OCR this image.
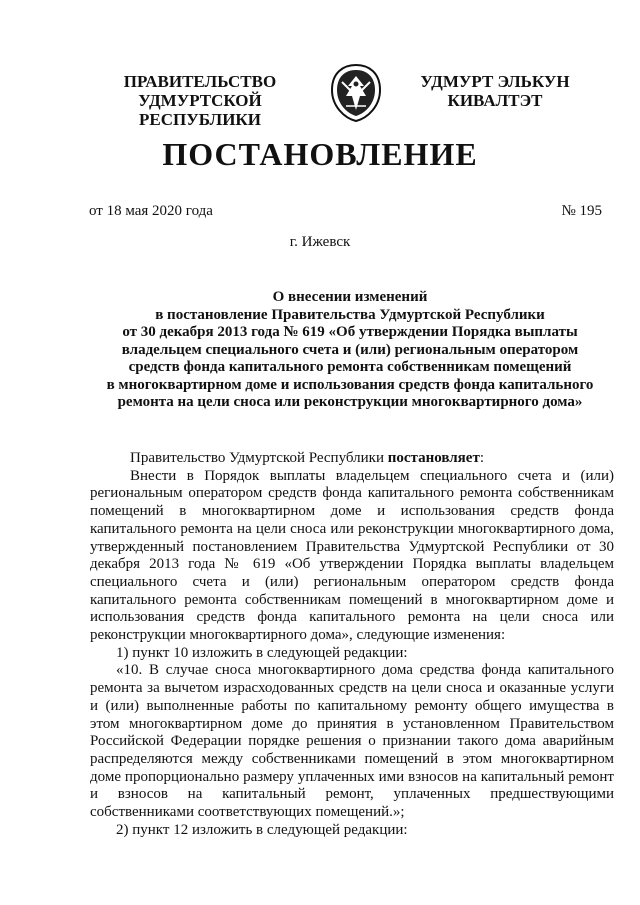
ПРАВИТЕЛЬСТВО
УДМУРТСКОЙ РЕСПУБЛИКИ
УДМУРТ ЭЛЬКУН
КИВАЛТЭТ
ПОСТАНОВЛЕНИЕ
от 18 мая 2020 года	№ 195
г. Ижевск
О внесении изменений
в постановление Правительства Удмуртской Республики
от 30 декабря 2013 года № 619 «Об утверждении Порядка выплаты
владельцем специального счета и (или) региональным оператором
средств фонда капитального ремонта собственникам помещений
в многоквартирном доме и использования средств фонда капитального
ремонта на цели сноса или реконструкции многоквартирного дома»

Правительство Удмуртской Республики постановляет:

Внести в Порядок выплаты владельцем специального счета и (или) региональным оператором средств фонда капитального ремонта собственникам помещений в многоквартирном доме и использования средств фонда капитального ремонта на цели сноса или реконструкции многоквартирного дома, утвержденный постановлением Правительства Удмуртской Республики от 30 декабря 2013 года № 619 «Об утверждении Порядка выплаты владельцем специального счета и (или) региональным оператором средств фонда капитального ремонта собственникам помещений в многоквартирном доме и использования средств фонда капитального ремонта на цели сноса или реконструкции многоквартирного дома», следующие изменения:

1) пункт 10 изложить в следующей редакции:

«10. В случае сноса многоквартирного дома средства фонда капитального ремонта за вычетом израсходованных средств на цели сноса и оказанные услуги и (или) выполненные работы по капитальному ремонту общего имущества в этом многоквартирном доме до принятия в установленном Правительством Российской Федерации порядке решения о признании такого дома аварийным распределяются между собственниками помещений в этом многоквартирном доме пропорционально размеру уплаченных ими взносов на капитальный ремонт и взносов на капитальный ремонт, уплаченных предшествующими собственниками соответствующих помещений.»;

2) пункт 12 изложить в следующей редакции:
